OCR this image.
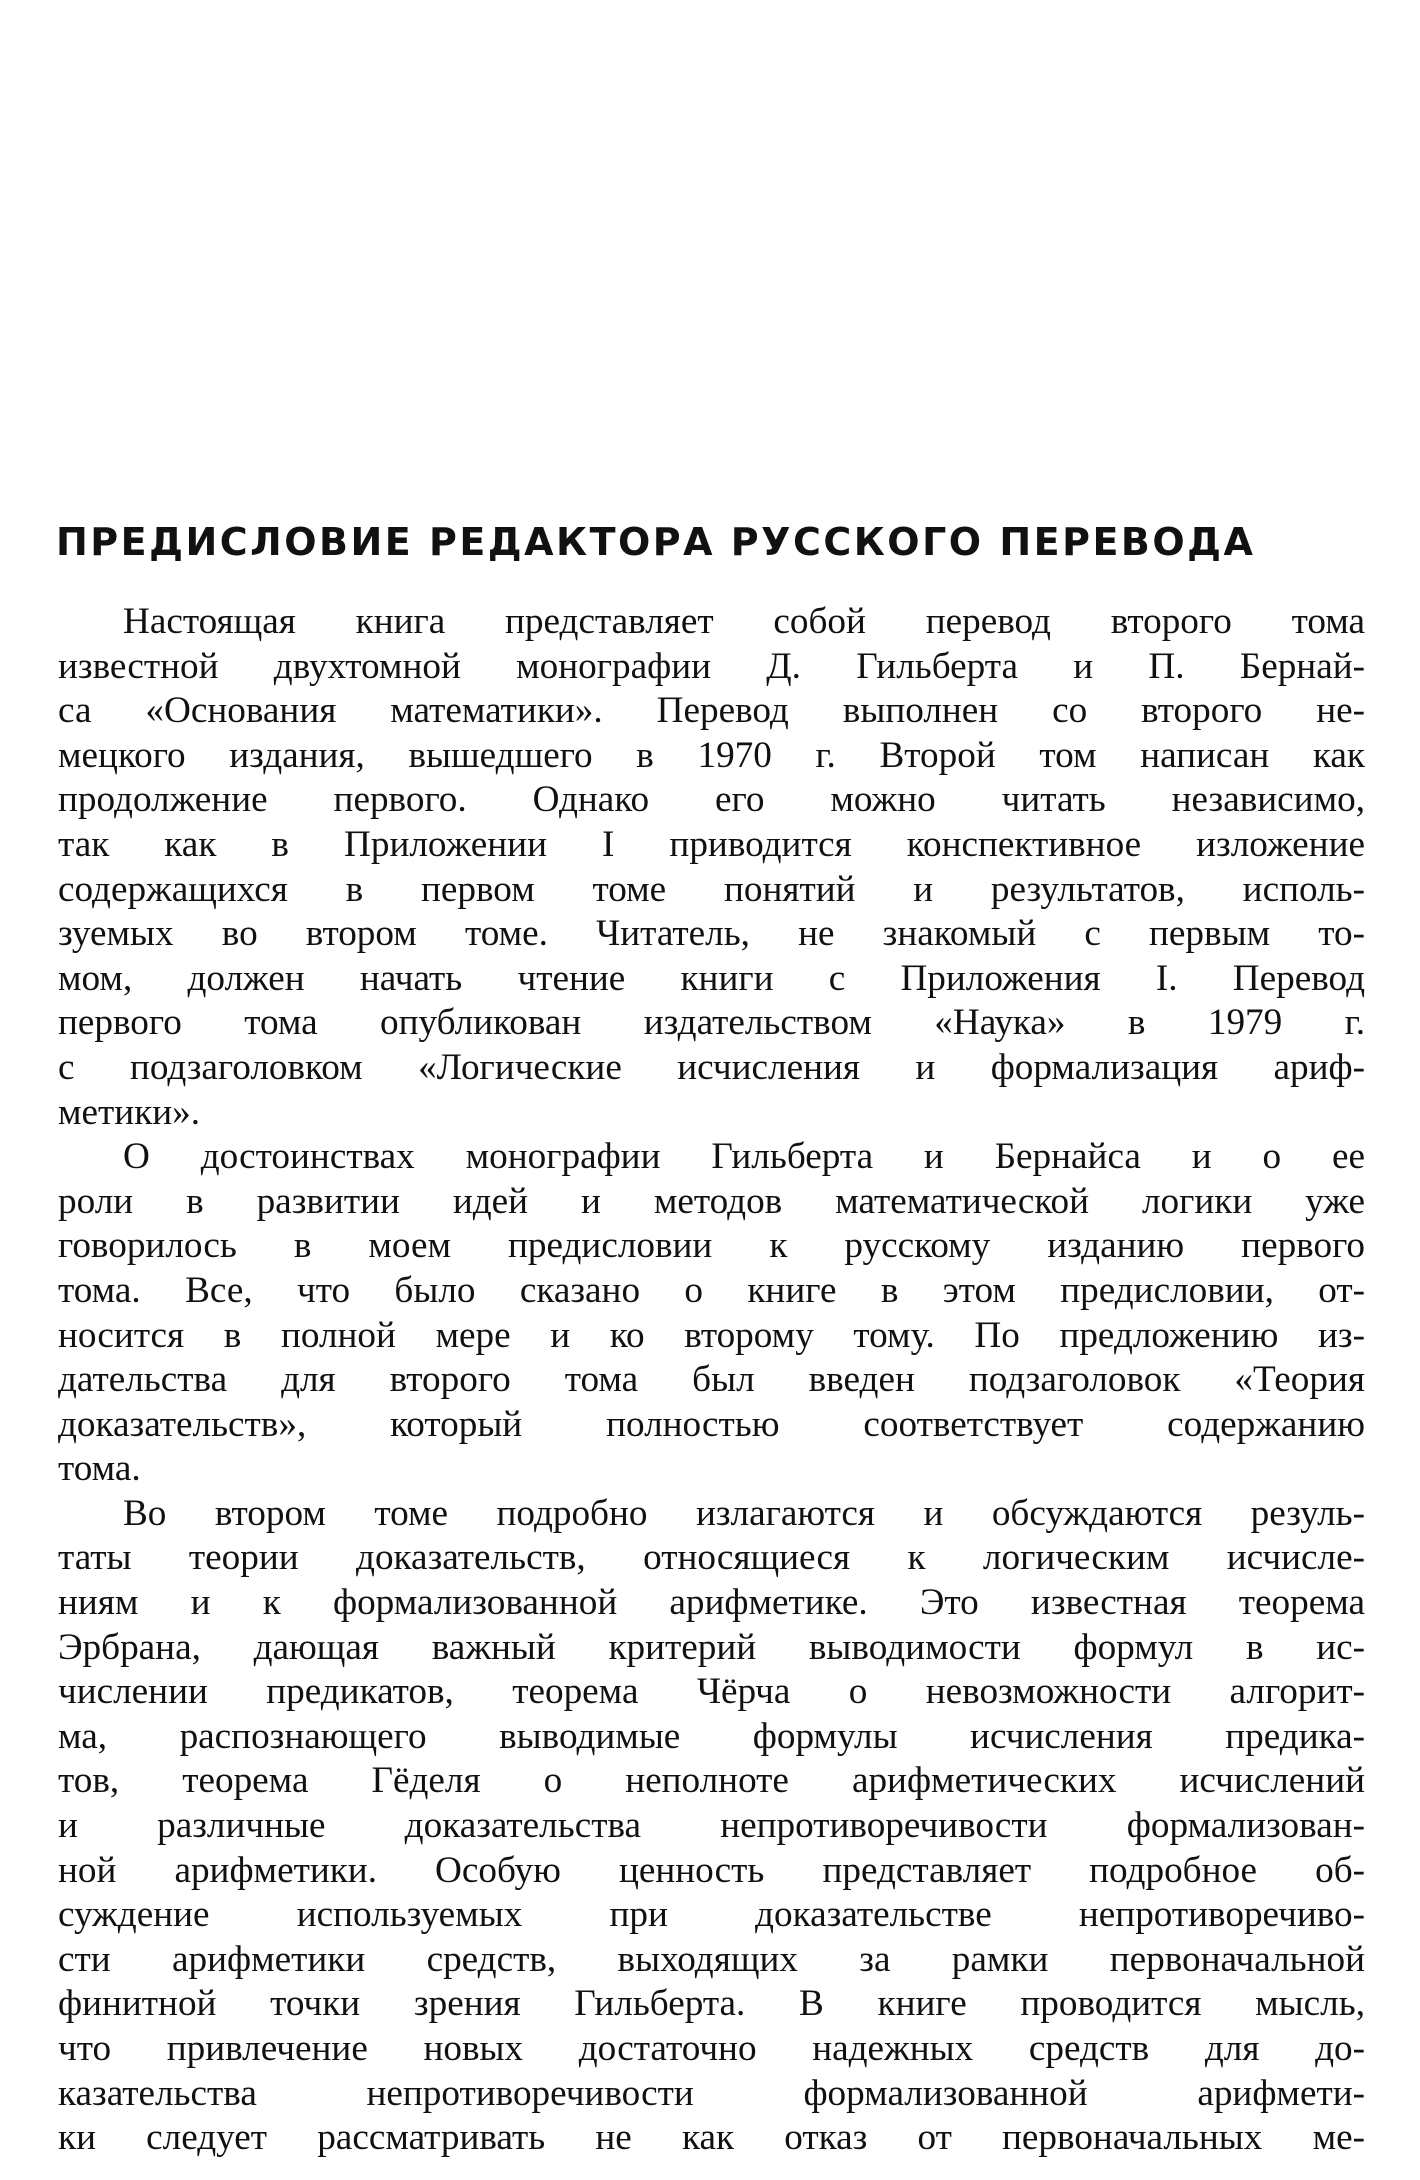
ПРЕДИСЛОВИЕ РЕДАКТОРА РУССКОГО ПЕРЕВОДА
Настоящая книга представляет собой перевод второго тома
известной двухтомной монографии Д. Гильберта и П. Бернай-
са «Основания математики». Перевод выполнен со второго не-
мецкого издания, вышедшего в 1970 г. Второй том написан как
продолжение первого. Однако его можно читать независимо,
так как в Приложении I приводится конспективное изложение
содержащихся в первом томе понятий и результатов, исполь-
зуемых во втором томе. Читатель, не знакомый с первым то-
мом, должен начать чтение книги с Приложения I. Перевод
первого тома опубликован издательством «Наука» в 1979 г.
с подзаголовком «Логические исчисления и формализация ариф-
метики».
О достоинствах монографии Гильберта и Бернайса и о ее
роли в развитии идей и методов математической логики уже
говорилось в моем предисловии к русскому изданию первого
тома. Все, что было сказано о книге в этом предисловии, от-
носится в полной мере и ко второму тому. По предложению из-
дательства для второго тома был введен подзаголовок «Теория
доказательств», который полностью соответствует содержанию
тома.
Во втором томе подробно излагаются и обсуждаются резуль-
таты теории доказательств, относящиеся к логическим исчисле-
ниям и к формализованной арифметике. Это известная теорема
Эрбрана, дающая важный критерий выводимости формул в ис-
числении предикатов, теорема Чёрча о невозможности алгорит-
ма, распознающего выводимые формулы исчисления предика-
тов, теорема Гёделя о неполноте арифметических исчислений
и различные доказательства непротиворечивости формализован-
ной арифметики. Особую ценность представляет подробное об-
суждение используемых при доказательстве непротиворечиво-
сти арифметики средств, выходящих за рамки первоначальной
финитной точки зрения Гильберта. В книге проводится мысль,
что привлечение новых достаточно надежных средств для до-
казательства непротиворечивости формализованной арифмети-
ки следует рассматривать не как отказ от первоначальных ме-
